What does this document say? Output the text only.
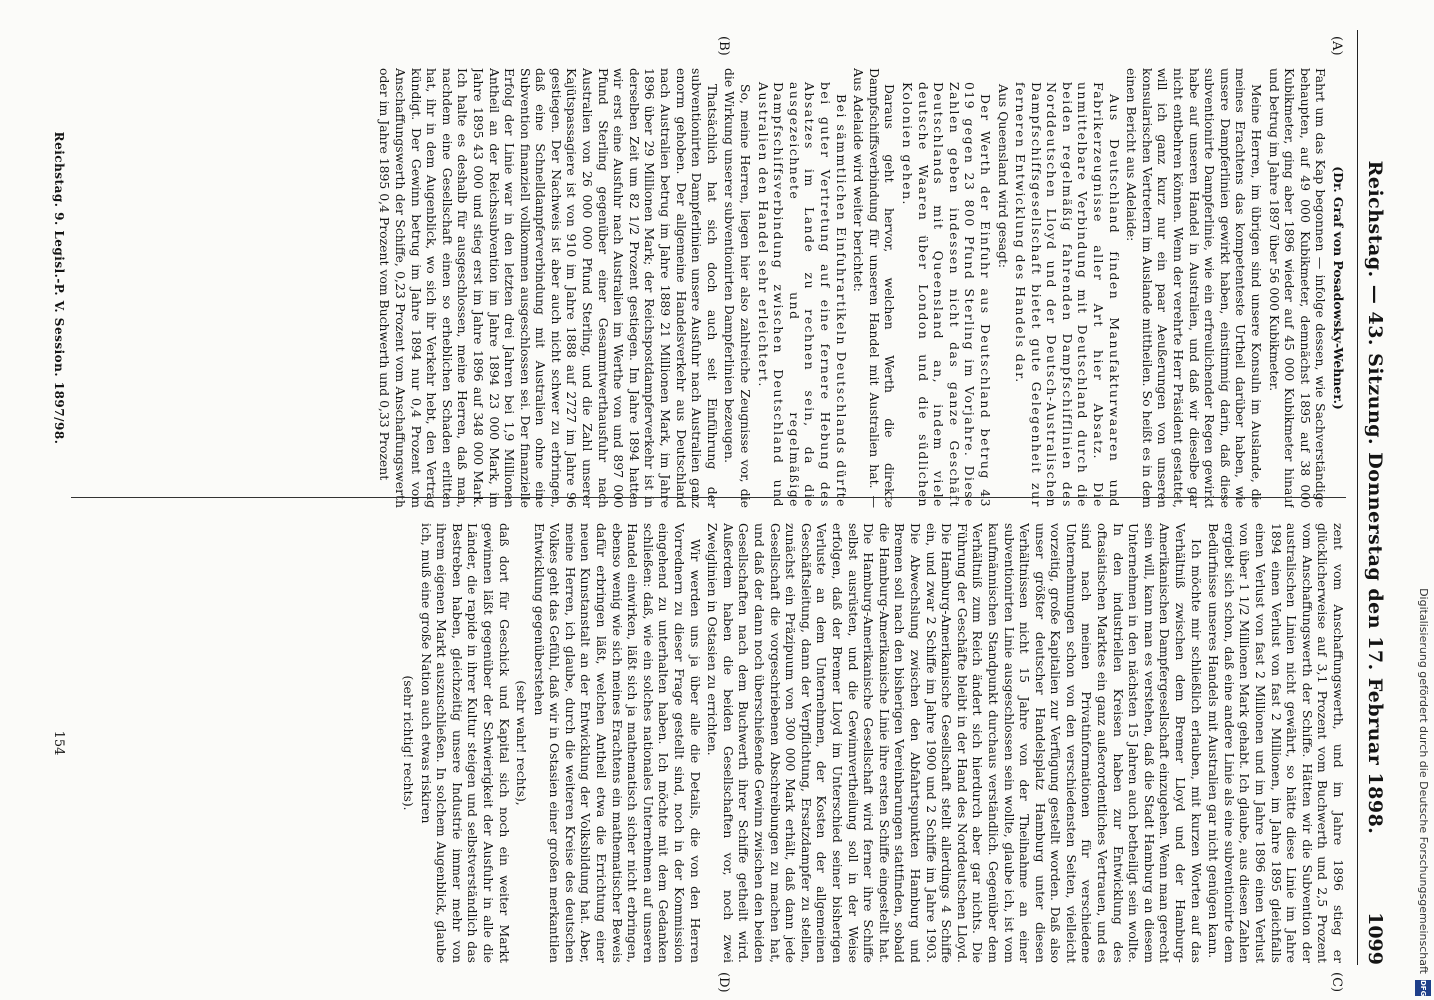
Reichstag. — 43. Sitzung. Donnerstag den 17. Februar 1898.
1099
(A)
(B)
(C)
(D)

(Dr. Graf von Posadowsky-Wehner.)

Fahrt um das Kap begonnen — infolge dessen, wie Sachverständige behaupten, auf 49 000 Kubikmeter, demnächst 1895 auf 38 000 Kubikmeter, ging aber 1896 wieder auf 45 000 Kubikmeter hinauf und betrug im Jahre 1897 über 56 000 Kubikmeter.

Meine Herren, im übrigen sind unsere Konsuln im Auslande, die meines Erachtens das kompetenteste Urtheil darüber haben, wie unsere Dampferlinien gewirkt haben, einstimmig darin, daß diese subventionirte Dampferlinie, wie ein erfreulichender Regen gewirkt habe auf unseren Handel in Australien, und daß wir dieselbe gar nicht entbehren können. Wenn der verehrte Herr Präsident gestattet, will ich ganz kurz nur ein paar Aeußerungen von unseren konsularischen Vertretern im Auslande mittheilen. So heißt es in dem einen Bericht aus Adelaide:

Aus Deutschland finden Manufakturwaaren und Fabrikerzeugnisse aller Art hier Absatz. Die unmittelbare Verbindung mit Deutschland durch die beiden regelmäßig fahrenden Dampfschifflinien des Norddeutschen Lloyd und der Deutsch-Australischen Dampfschiffsgesellschaft bietet gute Gelegenheit zur ferneren Entwicklung des Handels dar.

Aus Queensland wird gesagt:

Der Werth der Einfuhr aus Deutschland betrug 43 019 gegen 23 800 Pfund Sterling im Vorjahre. Diese Zahlen geben indessen nicht das ganze Geschäft Deutschlands mit Queensland an, indem viele deutsche Waaren über London und die südlichen Kolonien gehen.

Daraus geht hervor, welchen Werth die direkte Dampfschiffsverbindung für unseren Handel mit Australien hat. — Aus Adelaide wird weiter berichtet:

Bei sämmtlichen Einfuhrartikeln Deutschlands dürfte bei guter Vertretung auf eine fernere Hebung des Absatzes im Lande zu rechnen sein, da die ausgezeichnete und regelmäßige Dampfschiffsverbindung zwischen Deutschland und Australien den Handel sehr erleichtert.

So, meine Herren, liegen hier also zahlreiche Zeugnisse vor, die die Wirkung unserer subventionirten Dampferlinien bezeugen.

Thatsächlich hat sich doch auch seit Einführung der subventionirten Dampferlinien unsere Ausfuhr nach Australien ganz enorm gehoben. Der allgemeine Handelsverkehr aus Deutschland nach Australien betrug im Jahre 1889 21 Millionen Mark, im Jahre 1896 über 29 Millionen Mark; der Reichspostdampferverkehr ist in derselben Zeit um 82 1/2 Prozent gestiegen. Im Jahre 1894 hatten wir erst eine Ausfuhr nach Australien im Werthe von und 897 000 Pfund Sterling gegenüber einer Gesammtwerthausfuhr nach Australien von 26 000 000 Pfund Sterling, und die Zahl unserer Kajütspassagiere ist von 910 im Jahre 1888 auf 2727 im Jahre 96 gestiegen. Der Nachweis ist aber auch nicht schwer zu erbringen, daß eine Schnelldampferverbindung mit Australien ohne eine Subvention finanziell vollkommen ausgeschlossen sei. Der finanzielle Erfolg der Linie war in den letzten drei Jahren bei 1,9 Millionen Antheil an der Reichssubvention im Jahre 1894 23 000 Mark, im Jahre 1895 43 000 und stieg erst im Jahre 1896 auf 348 000 Mark. Ich halte es deshalb für ausgeschlossen, meine Herren, daß man, nachdem eine Gesellschaft einen so erheblichen Schaden erlitten hat, ihr in dem Augenblick, wo sich ihr Verkehr hebt, den Vertrag kündigt. Der Gewinn betrug im Jahre 1894 nur 0,4 Prozent vom Anschaffungswerth der Schiffe, 0,23 Prozent vom Anschaffungswerth oder im Jahre 1895 0,4 Prozent vom Buchwerth und 0,33 Prozent

zent vom Anschaffungswerth, und im Jahre 1896 stieg er glücklicherweise auf 3,1 Prozent vom Buchwerth und 2,5 Prozent vom Anschaffungswerth der Schiffe. Hätten wir die Subvention der australischen Linien nicht gewährt, so hätte diese Linie im Jahre 1894 einen Verlust von fast 2 Millionen, im Jahre 1895 gleichfalls einen Verlust von fast 2 Millionen und im Jahre 1896 einen Verlust von über 1 1/2 Millionen Mark gehabt. Ich glaube, aus diesen Zahlen ergiebt sich schon, daß eine andere Linie als eine subventionirte dem Bedürfnisse unseres Handels mit Australien gar nicht genügen kann.

Ich möchte mir schließlich erlauben, mit kurzen Worten auf das Verhältniß zwischen dem Bremer Lloyd und der Hamburg-Amerikanischen Dampfergesellschaft einzugehen. Wenn man gerecht sein will, kann man es verstehen, daß die Stadt Hamburg an diesem Unternehmen in den nächsten 15 Jahren auch betheiligt sein wollte. In den industriellen Kreisen haben zur Entwicklung des oftasiatischen Marktes ein ganz außerordentliches Vertrauen, und es sind nach meinen Privatinformationen für verschiedene Unternehmungen schon von den verschiedensten Seiten, vielleicht vorzeitig, große Kapitalien zur Verfügung gestellt worden. Daß also unser größter deutscher Handelsplatz Hamburg unter diesen Verhältnissen nicht 15 Jahre von der Theilnahme an einer subventionirten Linie ausgeschlossen sein wollte, glaube ich, ist vom kaufmännischen Standpunkt durchaus verständlich. Gegenüber dem Verhältniß zum Reich ändert sich hierdurch aber gar nichts. Die Führung der Geschäfte bleibt in der Hand des Norddeutschen Lloyd. Die Hamburg-Amerikanische Gesellschaft stellt allerdings 4 Schiffe ein, und zwar 2 Schiffe im Jahre 1900 und 2 Schiffe im Jahre 1903. Die Abwechslung zwischen den Abfahrtspunkten Hamburg und Bremen soll nach den bisherigen Vereinbarungen stattfinden, sobald die Hamburg-Amerikanische Linie ihre ersten Schiffe eingestellt hat. Die Hamburg-Amerikanische Gesellschaft wird ferner ihre Schiffe selbst ausrüsten, und die Gewinnvertheilung soll in der Weise erfolgen, daß der Bremer Lloyd im Unterschied seiner bisherigen Verluste an dem Unternehmen, der Kosten der allgemeinen Geschäftsleitung, dann der Verpflichtung, Ersatzdampfer zu stellen, zunächst ein Präzipuum von 300 000 Mark erhält, daß dann jede Gesellschaft die vorgeschriebenen Abschreibungen zu machen hat, und daß der dann noch überschießende Gewinn zwischen den beiden Gesellschaften nach dem Buchwerth ihrer Schiffe getheilt wird. Außerdem haben die beiden Gesellschaften vor, noch zwei Zweiglinien in Ostasien zu errichten.

Wir werden uns ja über alle die Details, die von den Herren Vorrednern zu dieser Frage gestellt sind, noch in der Kommission eingehend zu unterhalten haben. Ich möchte mit dem Gedanken schließen: daß, wie ein solches nationales Unternehmen auf unseren Handel einwirken, läßt sich ja mathematisch sicher nicht erbringen, ebenso wenig wie sich meines Erachtens ein mathematischer Beweis dafür erbringen läßt, welchen Antheil etwa die Errichtung einer neuen Kunstanstalt an der Entwicklung der Volksbildung hat. Aber, meine Herren, ich glaube, durch die weiteren Kreise des deutschen Volkes geht das Gefühl, daß wir in Ostasien einer großen merkantilen Entwicklung gegenüberstehen

(sehr wahr! rechts),

daß dort für Geschick und Kapital sich noch ein weiter Markt gewinnen läßt gegenüber der Schwierigkeit der Ausfuhr in alle die Länder, die rapide in ihrer Kultur steigen und selbstverständlich das Bestreben haben, gleichzeitig unsere Industrie immer mehr von ihrem eigenen Markt auszuschließen. In solchem Augenblick, glaube ich, muß eine große Nation auch etwas riskiren

(sehr richtig! rechts).

Reichstag. 9. Legisl.-P. V. Session. 1897/98.
154	Digitalisierung gefördert durch die Deutsche Forschungsgemeinschaft
DFG
